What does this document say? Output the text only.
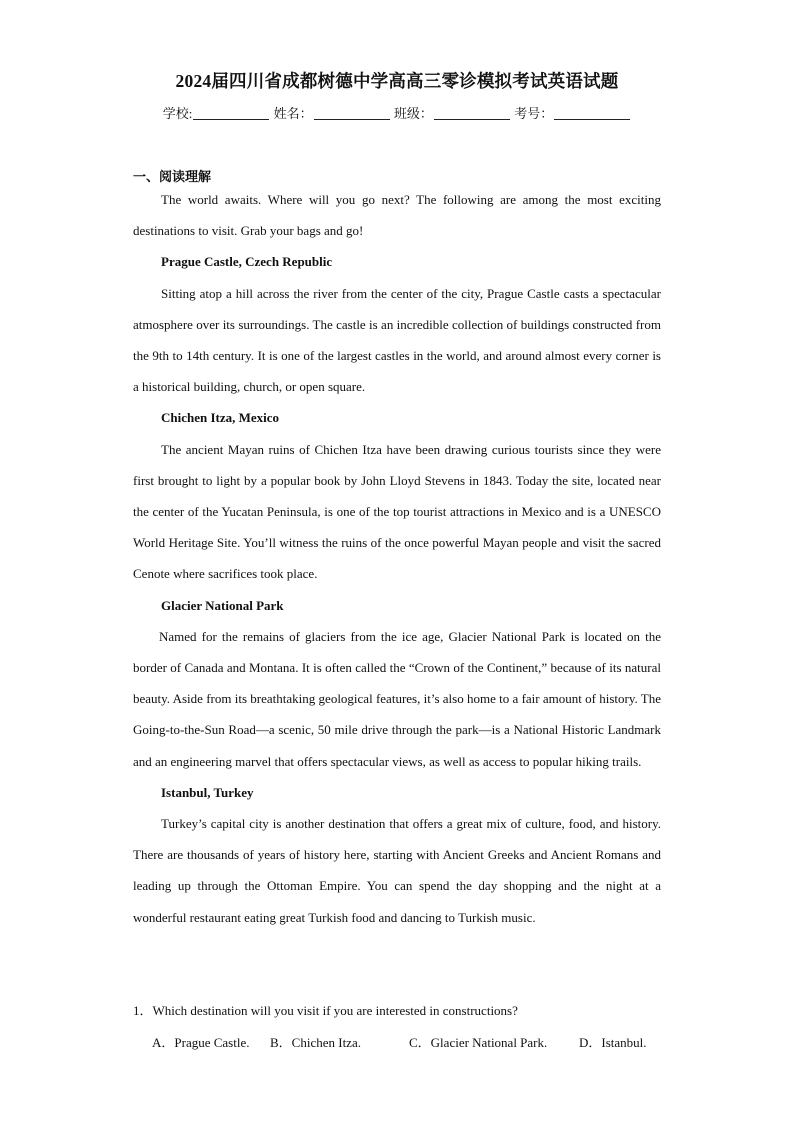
2024届四川省成都树德中学高高三零诊模拟考试英语试题
学校:	姓名：	班级：	考号：
一、阅读理解

The world awaits. Where will you go next? The following are among the most exciting destinations to visit. Grab your bags and go!

Prague Castle, Czech Republic

Sitting atop a hill across the river from the center of the city, Prague Castle casts a spectacular atmosphere over its surroundings. The castle is an incredible collection of buildings constructed from the 9th to 14th century. It is one of the largest castles in the world, and around almost every corner is a historical building, church, or open square.

Chichen Itza, Mexico

The ancient Mayan ruins of Chichen Itza have been drawing curious tourists since they were first brought to light by a popular book by John Lloyd Stevens in 1843. Today the site, located near the center of the Yucatan Peninsula, is one of the top tourist attractions in Mexico and is a UNESCO World Heritage Site. You’ll witness the ruins of the once powerful Mayan people and visit the sacred Cenote where sacrifices took place.

Glacier National Park

Named for the remains of glaciers from the ice age, Glacier National Park is located on the border of Canada and Montana. It is often called the “Crown of the Continent,” because of its natural beauty. Aside from its breathtaking geological features, it’s also home to a fair amount of history. The Going-to-the-Sun Road—a scenic, 50 mile drive through the park—is a National Historic Landmark and an engineering marvel that offers spectacular views, as well as access to popular hiking trails.

Istanbul, Turkey

Turkey’s capital city is another destination that offers a great mix of culture, food, and history. There are thousands of years of history here, starting with Ancient Greeks and Ancient Romans and leading up through the Ottoman Empire. You can spend the day shopping and the night at a wonderful restaurant eating great Turkish food and dancing to Turkish music.

1．Which destination will you visit if you are interested in constructions?
A．Prague Castle. B．Chichen Itza.	C．Glacier National Park. D．Istanbul.
